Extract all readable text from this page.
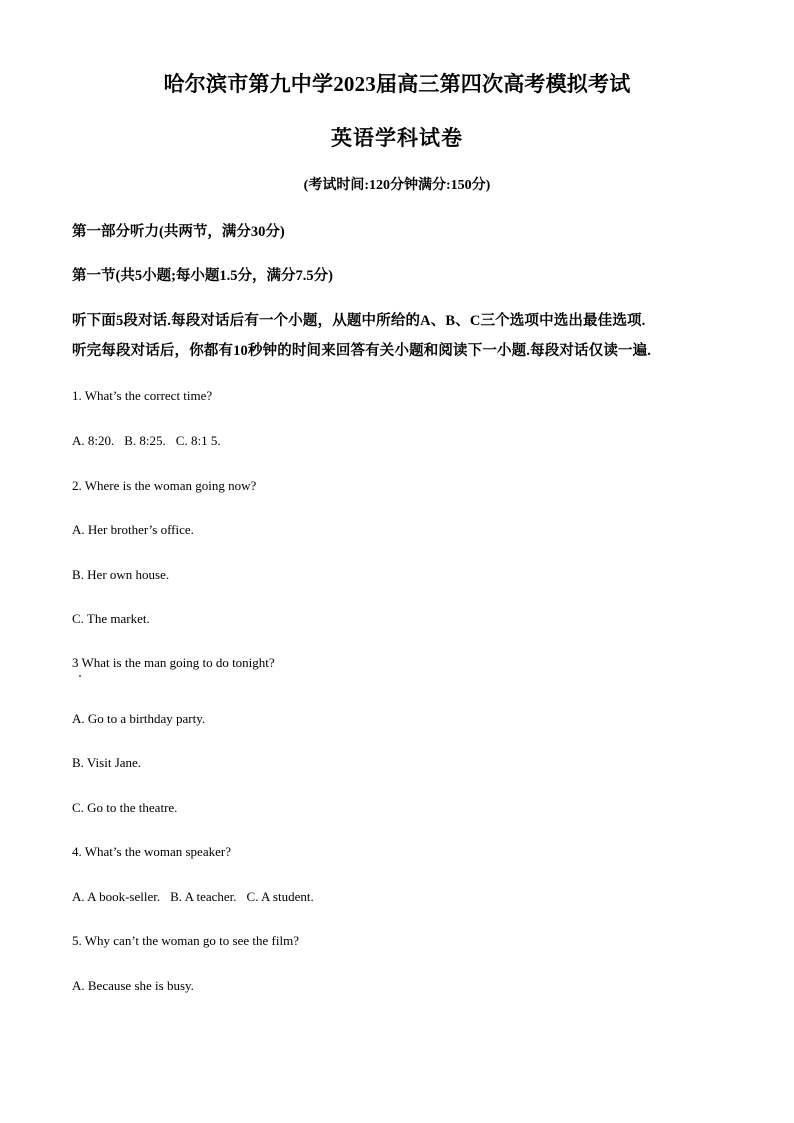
哈尔滨市第九中学2023届高三第四次高考模拟考试
英语学科试卷
(考试时间:120分钟满分:150分)
第一部分听力(共两节，满分30分)
第一节(共5小题;每小题1.5分，满分7.5分)
听下面5段对话.每段对话后有一个小题，从题中所给的A、B、C三个选项中选出最佳选项.
听完每段对话后，你都有10秒钟的时间来回答有关小题和阅读下一小题.每段对话仅读一遍.
1. What’s the correct time?
A. 8:20. B. 8:25. C. 8:1 5.
2. Where is the woman going now?
A. Her brother’s office.
B. Her own house.
C. The market.
3 What is the man going to do tonight?
A. Go to a birthday party.
B. Visit Jane.
C. Go to the theatre.
4. What’s the woman speaker?
A. A book-seller. B. A teacher. C. A student.
5. Why can’t the woman go to see the film?
A. Because she is busy.
